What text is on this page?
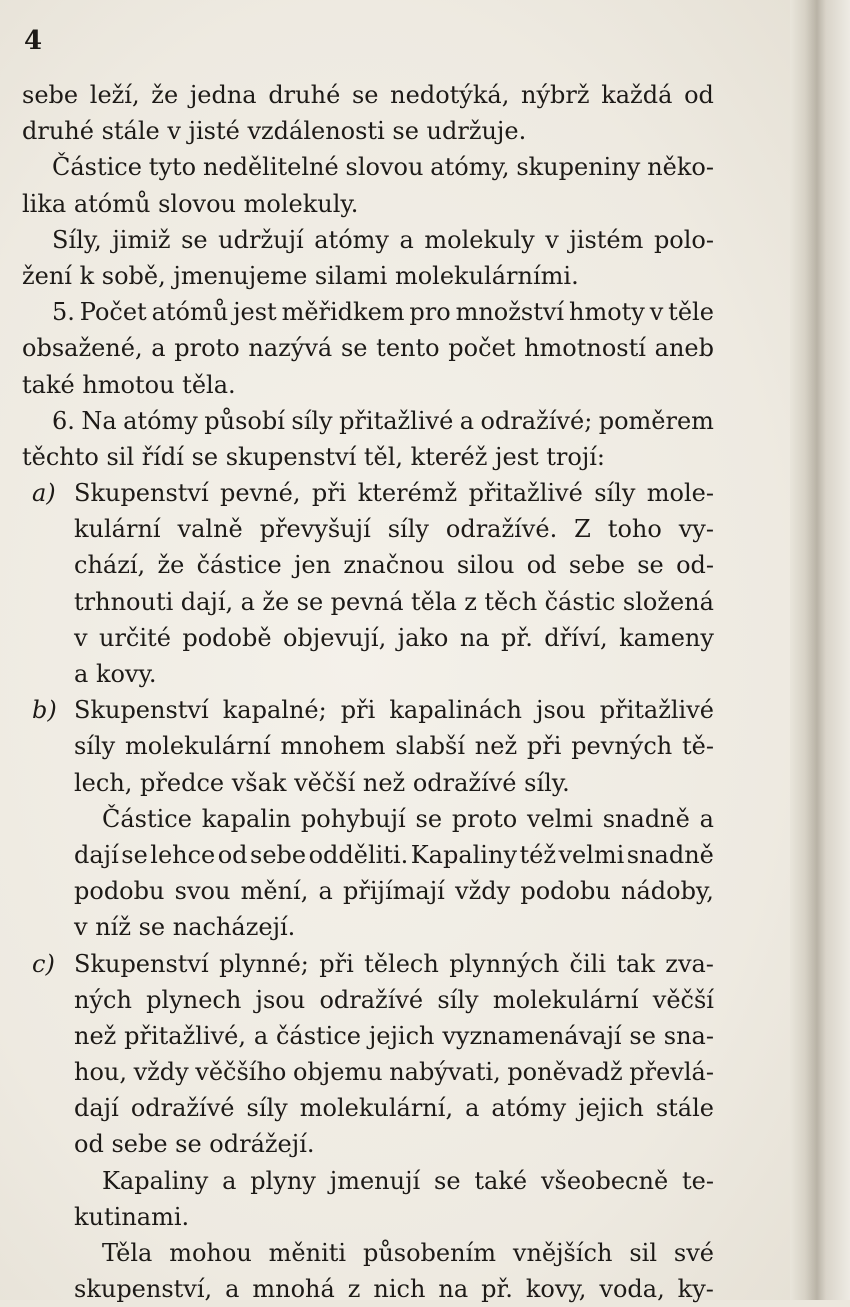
4
sebe leží, že jedna druhé se nedotýká, nýbrž každá od
druhé stále v jisté vzdálenosti se udržuje.
Částice tyto nedělitelné slovou atómy, skupeniny něko-
lika atómů slovou molekuly.
Síly, jimiž se udržují atómy a molekuly v jistém polo-
žení k sobě, jmenujeme silami molekulárními.
5. Počet atómů jest měřidkem pro množství hmoty v těle
obsažené, a proto nazývá se tento počet hmotností aneb
také hmotou těla.
6. Na atómy působí síly přitažlivé a odražívé; poměrem
těchto sil řídí se skupenství těl, kteréž jest trojí:
a) Skupenství pevné, při kterémž přitažlivé síly mole-
kulární valně převyšují síly odražívé. Z toho vy-
chází, že částice jen značnou silou od sebe se od-
trhnouti dají, a že se pevná těla z těch částic složená
v určité podobě objevují, jako na př. dříví, kameny
a kovy.
b) Skupenství kapalné; při kapalinách jsou přitažlivé
síly molekulární mnohem slabší než při pevných tě-
lech, předce však věčší než odražívé síly.
Částice kapalin pohybují se proto velmi snadně a
dají se lehce od sebe odděliti. Kapaliny též velmi snadně
podobu svou mění, a přijímají vždy podobu nádoby,
v níž se nacházejí.
c) Skupenství plynné; při tělech plynných čili tak zva-
ných plynech jsou odražívé síly molekulární věčší
než přitažlivé, a částice jejich vyznamenávají se sna-
hou, vždy věčšího objemu nabývati, poněvadž převlá-
dají odražívé síly molekulární, a atómy jejich stále
od sebe se odrážejí.
Kapaliny a plyny jmenují se také všeobecně te-
kutinami.
Těla mohou měniti působením vnějších sil své
skupenství, a mnohá z nich na př. kovy, voda, ky-
